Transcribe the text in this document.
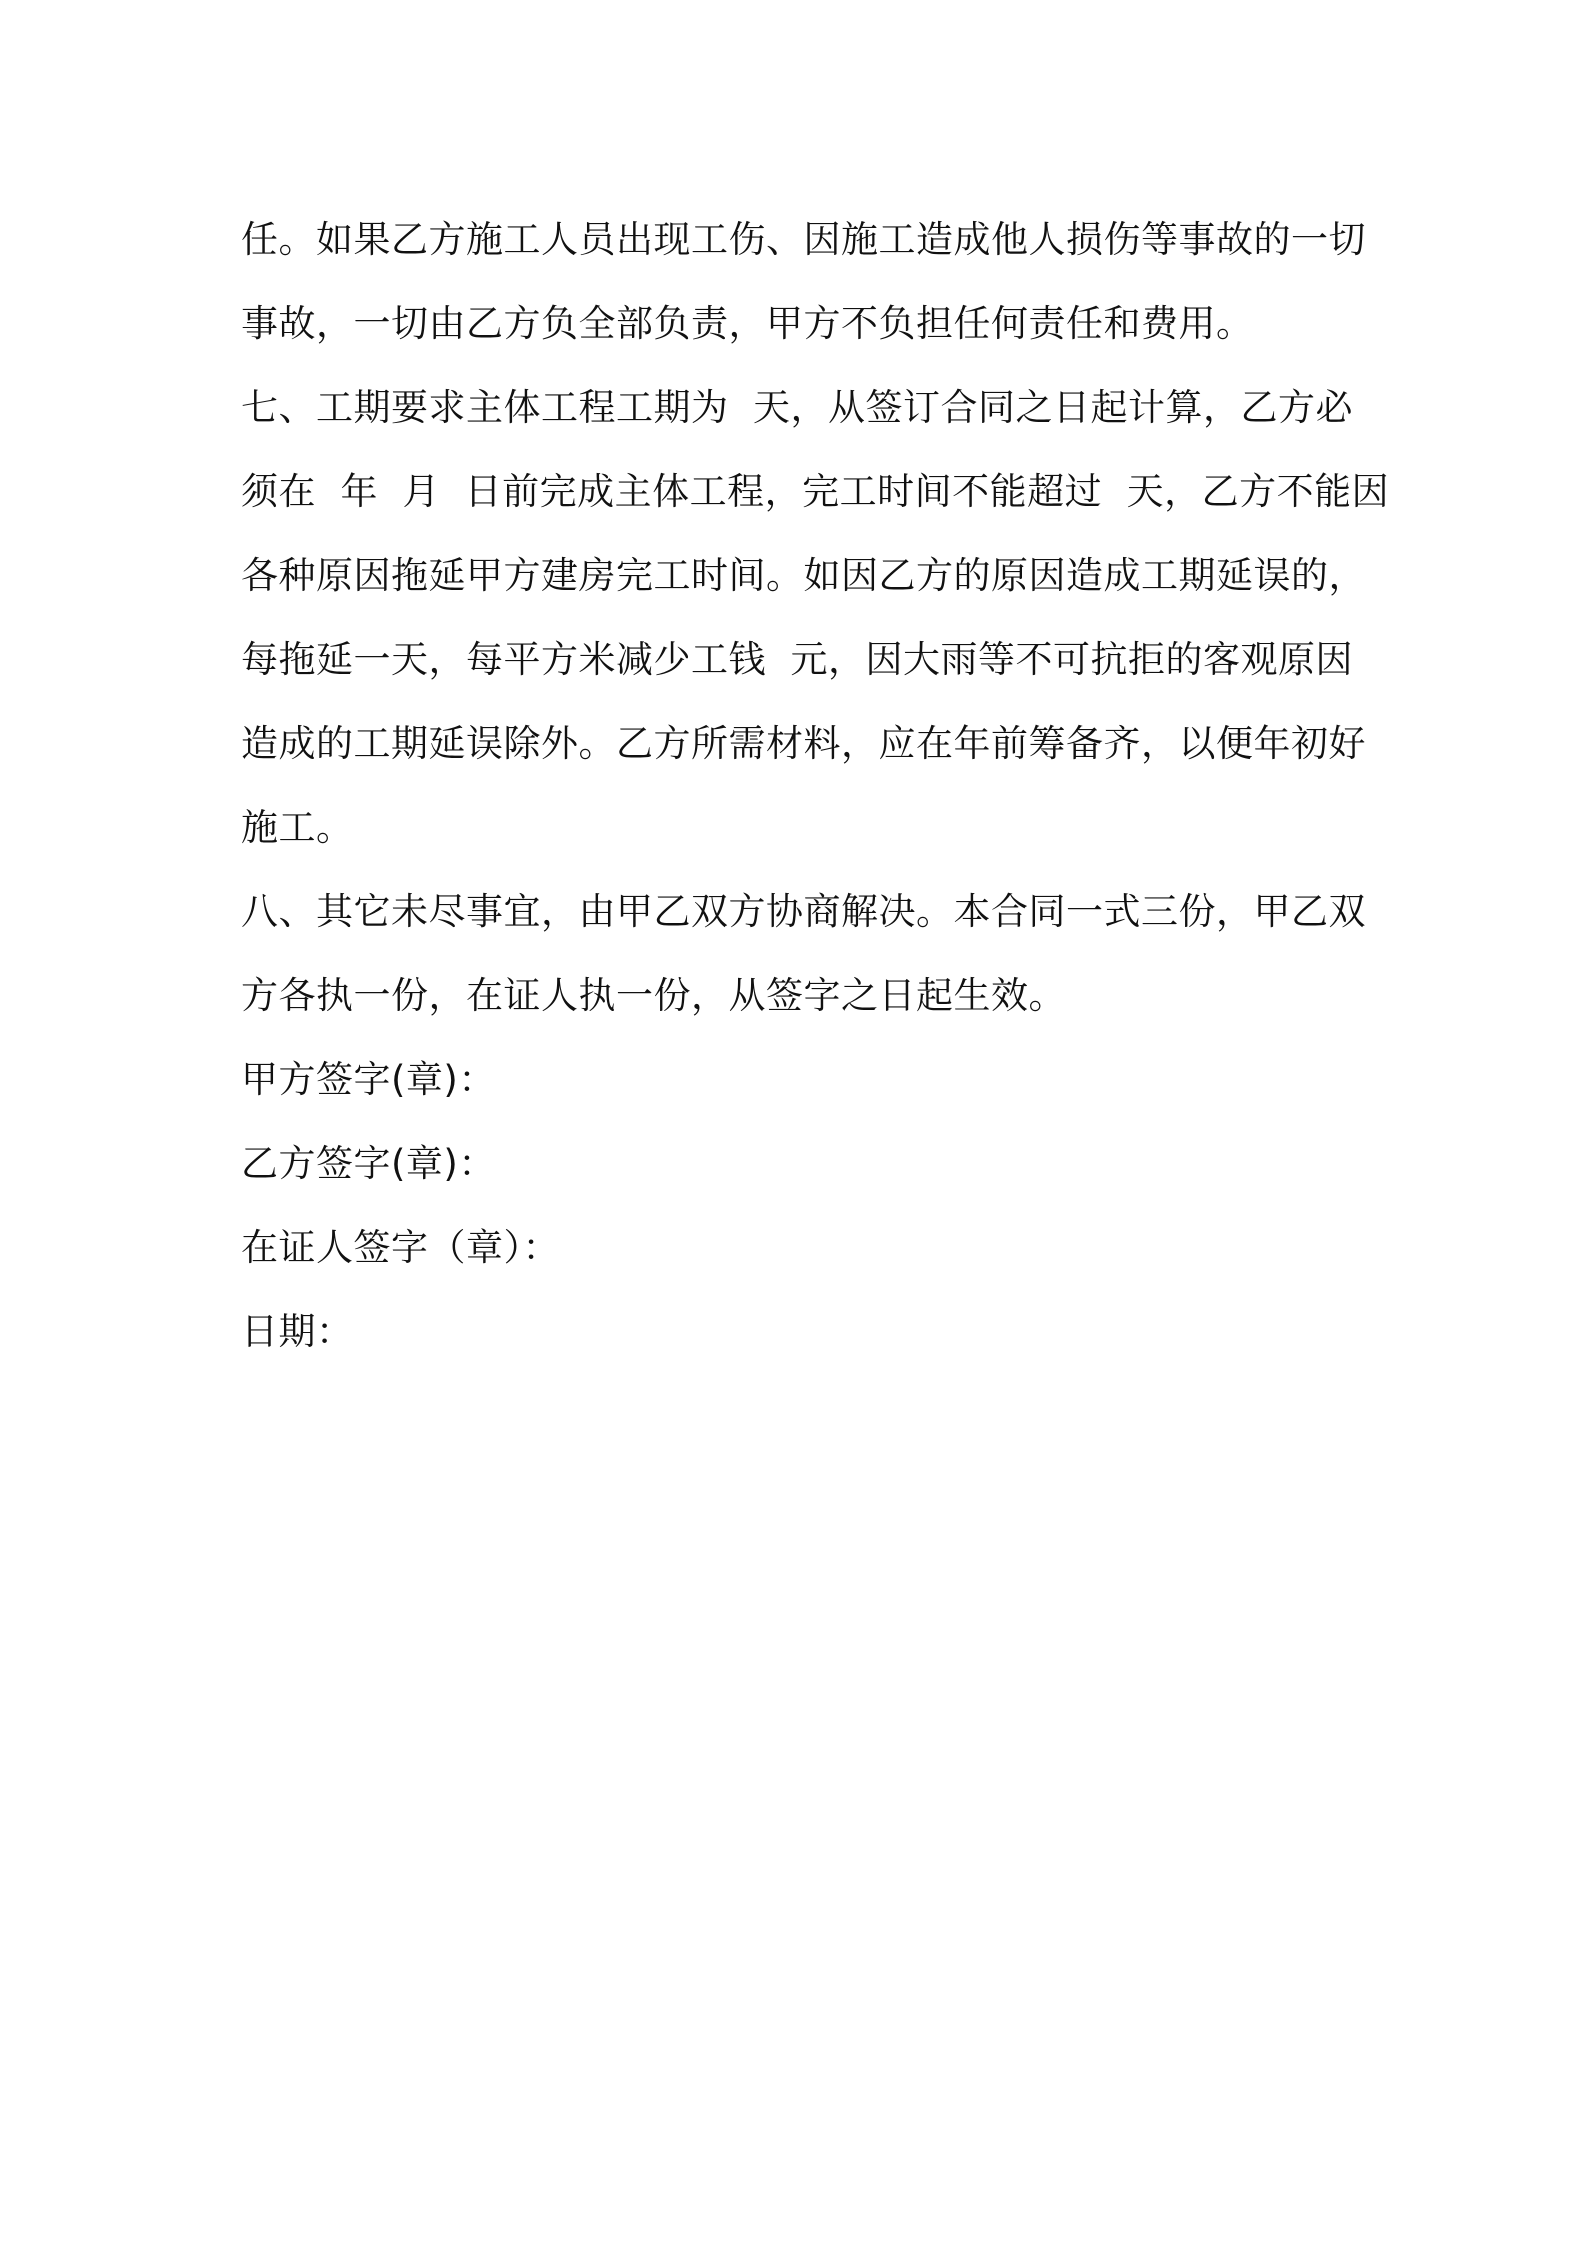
任。如果乙方施工人员出现工伤、因施工造成他人损伤等事故的一切
事故，一切由乙方负全部负责，甲方不负担任何责任和费用。
七、工期要求主体工程工期为  天，从签订合同之日起计算，乙方必
须在  年  月  日前完成主体工程，完工时间不能超过  天，乙方不能因
各种原因拖延甲方建房完工时间。如因乙方的原因造成工期延误的，
每拖延一天，每平方米减少工钱  元，因大雨等不可抗拒的客观原因
造成的工期延误除外。乙方所需材料，应在年前筹备齐，以便年初好
施工。
八、其它未尽事宜，由甲乙双方协商解决。本合同一式三份，甲乙双
方各执一份，在证人执一份，从签字之日起生效。
甲方签字(章)：
乙方签字(章)：
在证人签字（章）：
日期：
